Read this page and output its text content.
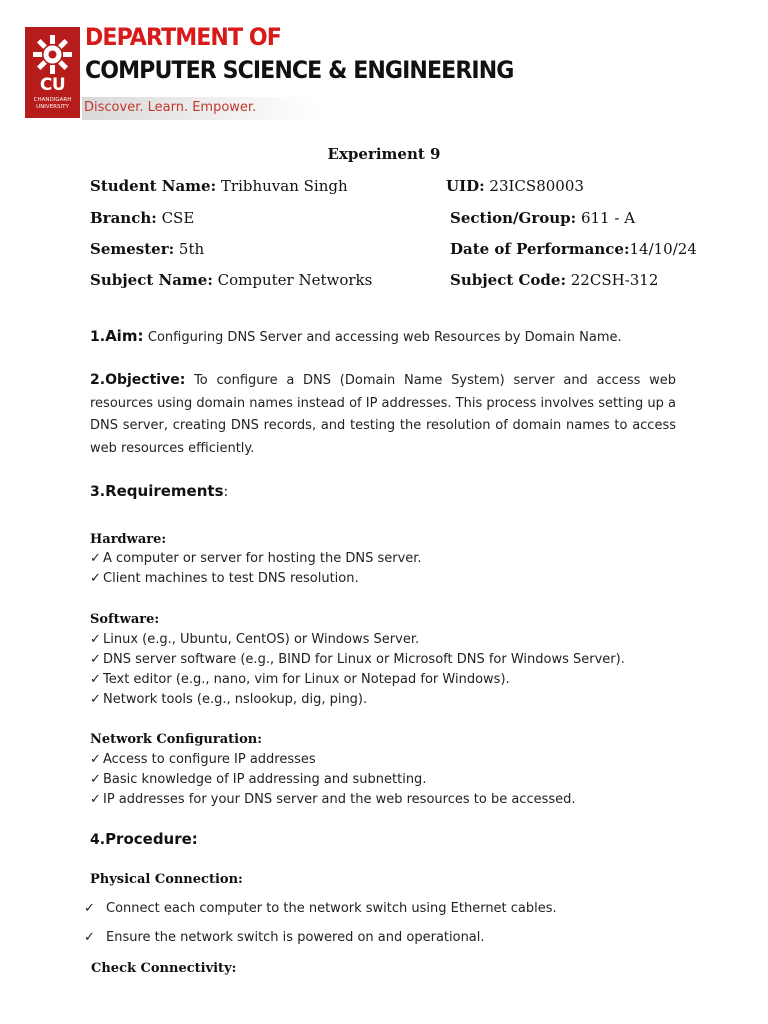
CU
CHANDIGARH UNIVERSITY
DEPARTMENT OF
COMPUTER SCIENCE & ENGINEERING
Discover. Learn. Empower.
Experiment 9
Student Name: Tribhuvan Singh	UID: 23ICS80003
Branch: CSE	Section/Group: 611 - A
Semester: 5th	Date of Performance:14/10/24
Subject Name: Computer Networks	Subject Code: 22CSH-312
1.Aim: Configuring DNS Server and accessing web Resources by Domain Name.
2.Objective: To configure a DNS (Domain Name System) server and access web resources using domain names instead of IP addresses. This process involves setting up a DNS server, creating DNS records, and testing the resolution of domain names to access web resources efficiently.
3.Requirements:
Hardware:
✓ A computer or server for hosting the DNS server.
✓ Client machines to test DNS resolution.
Software:
✓ Linux (e.g., Ubuntu, CentOS) or Windows Server.
✓ DNS server software (e.g., BIND for Linux or Microsoft DNS for Windows Server).
✓ Text editor (e.g., nano, vim for Linux or Notepad for Windows).
✓ Network tools (e.g., nslookup, dig, ping).
Network Configuration:
✓ Access to configure IP addresses
✓ Basic knowledge of IP addressing and subnetting.
✓ IP addresses for your DNS server and the web resources to be accessed.
4.Procedure:
Physical Connection:
✓ Connect each computer to the network switch using Ethernet cables.
✓ Ensure the network switch is powered on and operational.
Check Connectivity:
